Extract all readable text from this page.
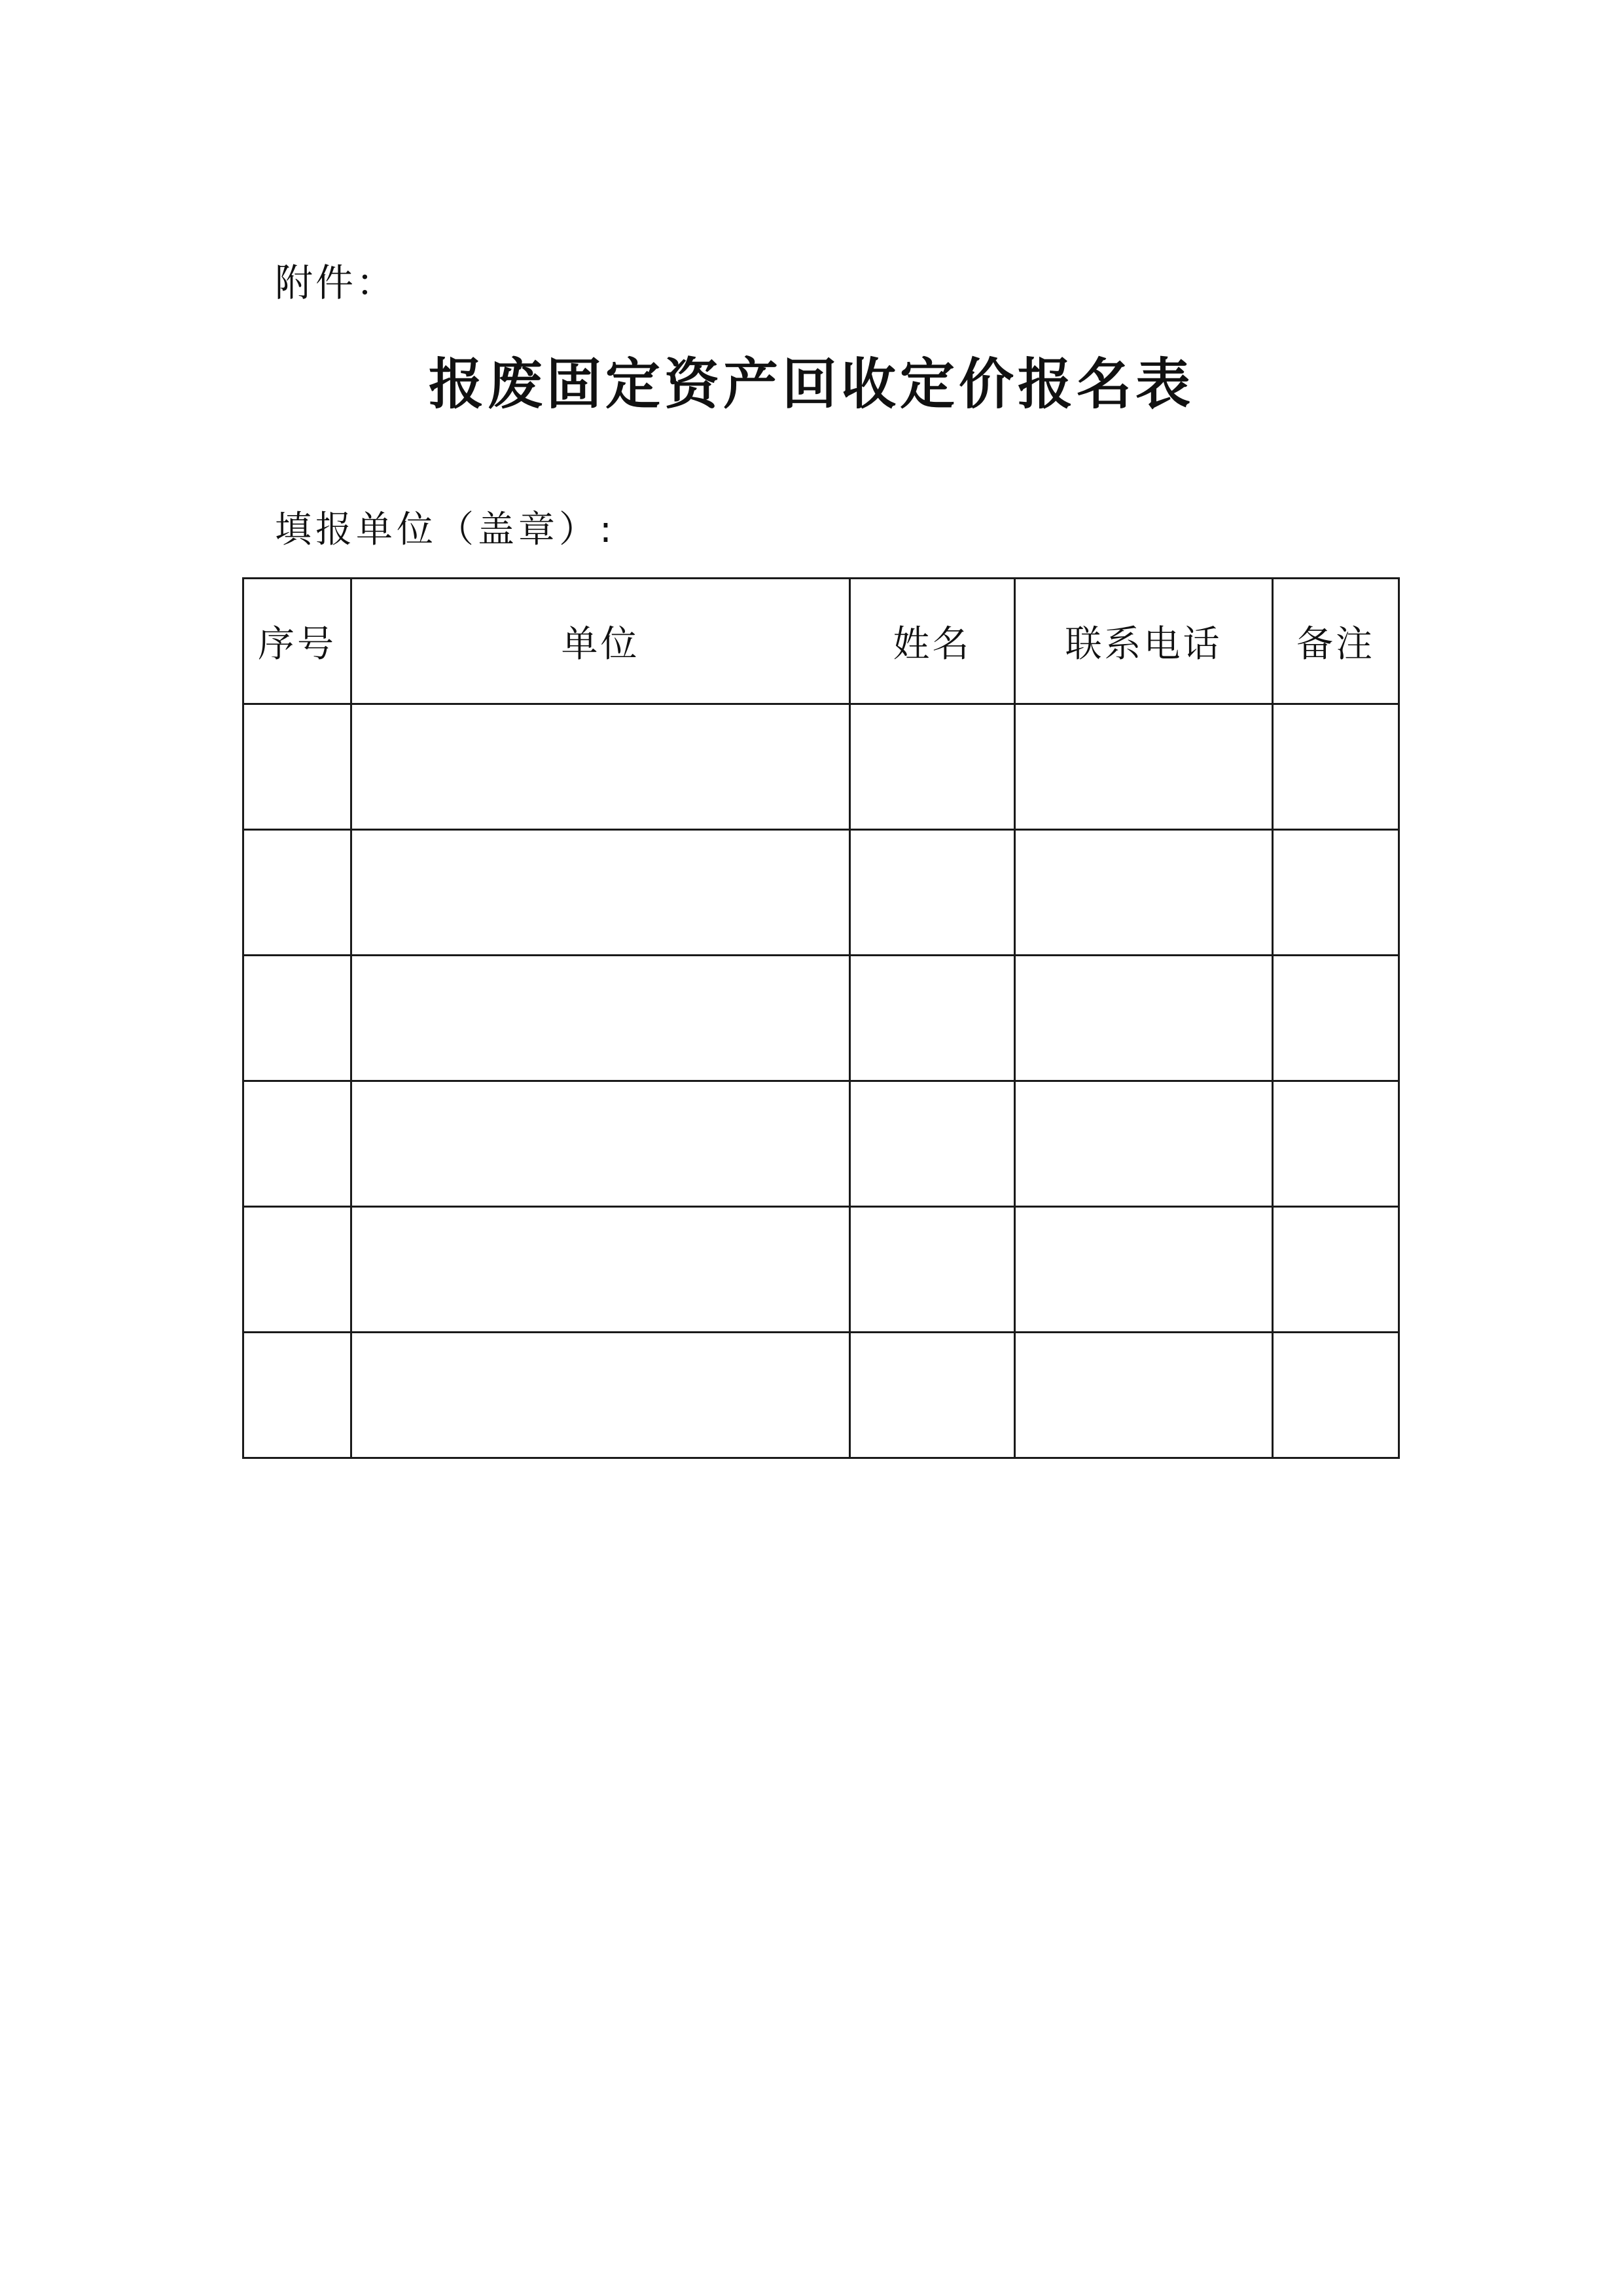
附件：
报废固定资产回收定价报名表
填报单位（盖章）:
序号	单位	姓名	联系电话	备注
